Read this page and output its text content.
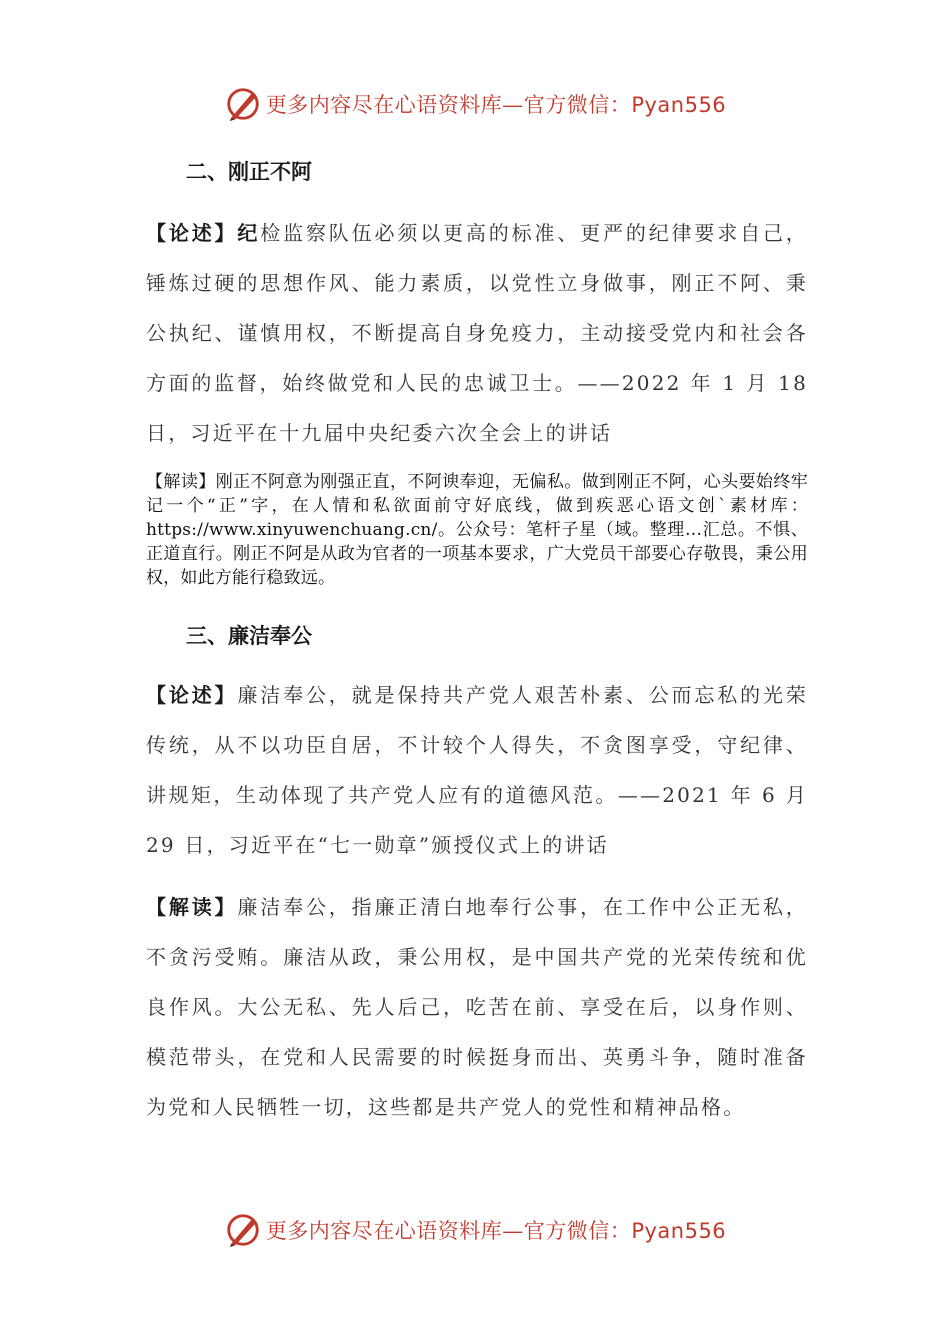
更多内容尽在心语资料库—官方微信：Pyan556
二、刚正不阿
【论述】纪检监察队伍必须以更高的标准、更严的纪律要求自己，锤炼过硬的思想作风、能力素质，以党性立身做事，刚正不阿、秉公执纪、谨慎用权，不断提高自身免疫力，主动接受党内和社会各方面的监督，始终做党和人民的忠诚卫士。——2022 年 1 月 18 日，习近平在十九届中央纪委六次全会上的讲话
【解读】刚正不阿意为刚强正直，不阿谀奉迎，无偏私。做到刚正不阿，心头要始终牢记一个“正”字，在人情和私欲面前守好底线，做到疾恶心语文创`素材库：https://www.xinyuwenchuang.cn/。公众号：笔杆子星（域。整理…汇总。不惧、正道直行。刚正不阿是从政为官者的一项基本要求，广大党员干部要心存敬畏，秉公用权，如此方能行稳致远。
三、廉洁奉公
【论述】廉洁奉公，就是保持共产党人艰苦朴素、公而忘私的光荣传统，从不以功臣自居，不计较个人得失，不贪图享受，守纪律、讲规矩，生动体现了共产党人应有的道德风范。——2021 年 6 月 29 日，习近平在“七一勋章”颁授仪式上的讲话
【解读】廉洁奉公，指廉正清白地奉行公事，在工作中公正无私，不贪污受贿。廉洁从政，秉公用权，是中国共产党的光荣传统和优良作风。大公无私、先人后己，吃苦在前、享受在后，以身作则、模范带头，在党和人民需要的时候挺身而出、英勇斗争，随时准备为党和人民牺牲一切，这些都是共产党人的党性和精神品格。
更多内容尽在心语资料库—官方微信：Pyan556
